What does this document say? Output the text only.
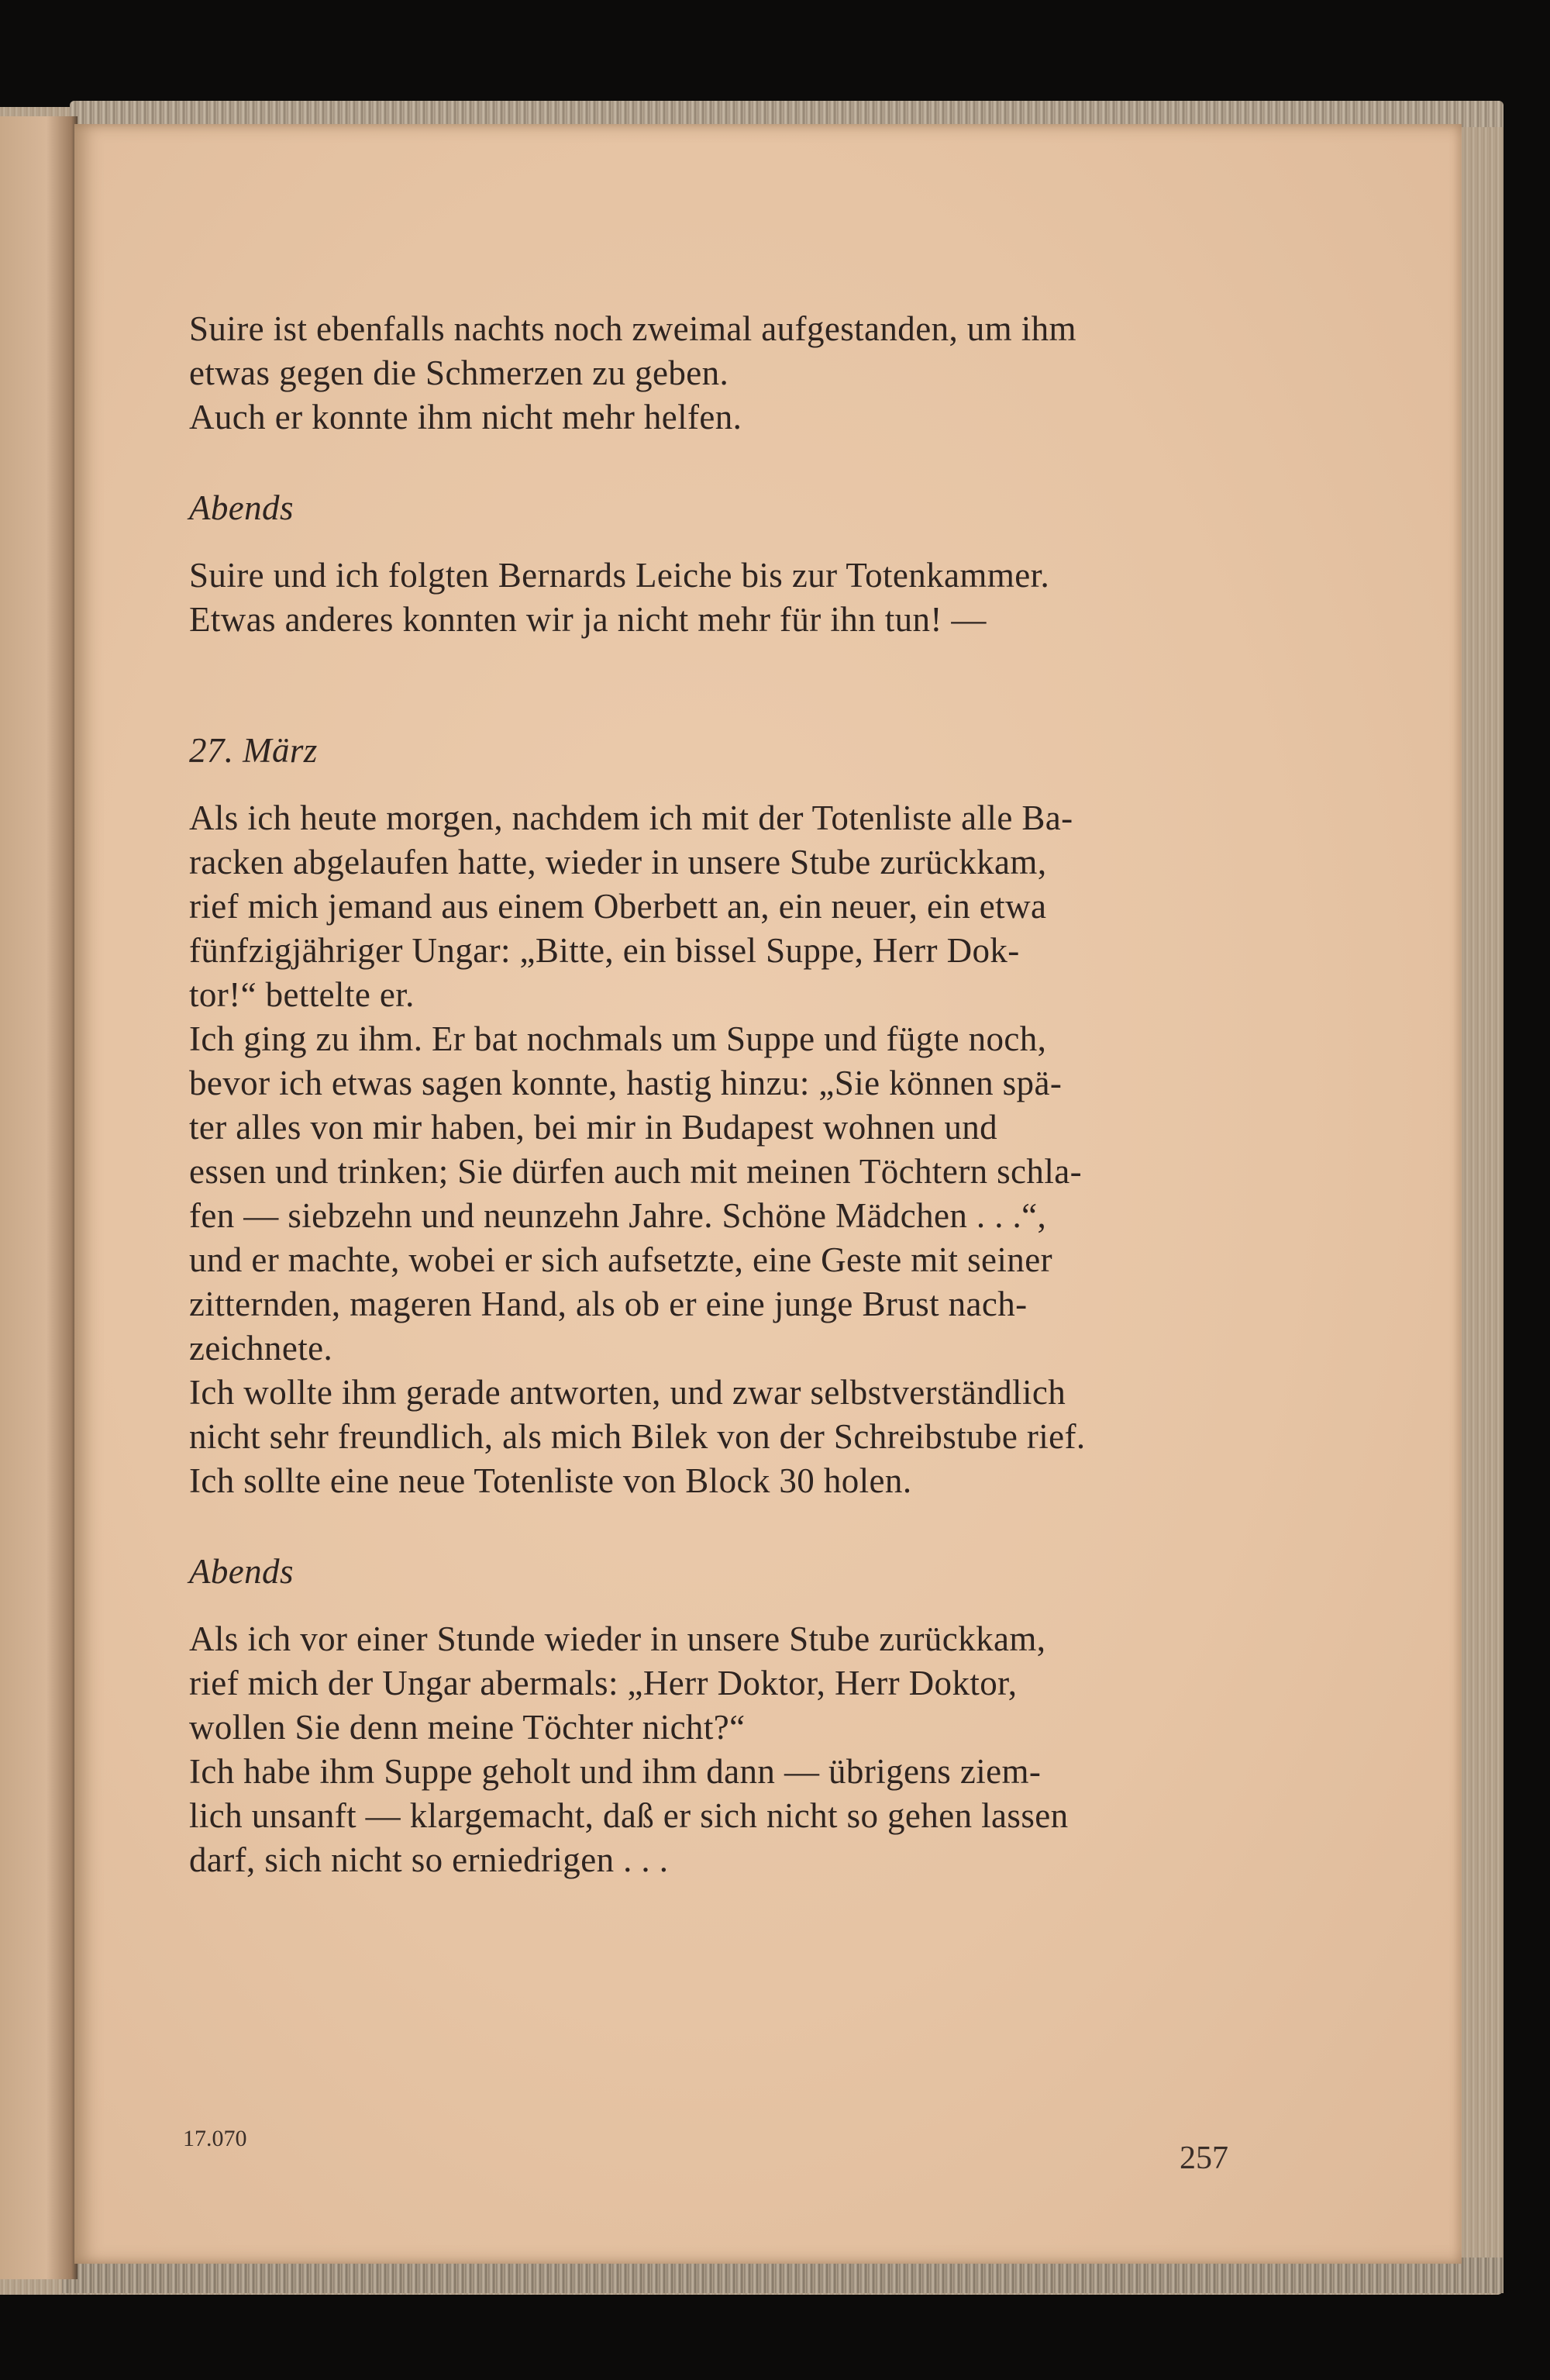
Suire ist ebenfalls nachts noch zweimal aufgestanden, um ihm
etwas gegen die Schmerzen zu geben.
Auch er konnte ihm nicht mehr helfen.

Abends

Suire und ich folgten Bernards Leiche bis zur Totenkammer.
Etwas anderes konnten wir ja nicht mehr für ihn tun! —

27. März

Als ich heute morgen, nachdem ich mit der Totenliste alle Ba-
racken abgelaufen hatte, wieder in unsere Stube zurückkam,
rief mich jemand aus einem Oberbett an, ein neuer, ein etwa
fünfzigjähriger Ungar: „Bitte, ein bissel Suppe, Herr Dok-
tor!“ bettelte er.

Ich ging zu ihm. Er bat nochmals um Suppe und fügte noch,
bevor ich etwas sagen konnte, hastig hinzu: „Sie können spä-
ter alles von mir haben, bei mir in Budapest wohnen und
essen und trinken; Sie dürfen auch mit meinen Töchtern schla-
fen — siebzehn und neunzehn Jahre. Schöne Mädchen . . .“,
und er machte, wobei er sich aufsetzte, eine Geste mit seiner
zitternden, mageren Hand, als ob er eine junge Brust nach-
zeichnete.

Ich wollte ihm gerade antworten, und zwar selbstverständlich
nicht sehr freundlich, als mich Bilek von der Schreibstube rief.
Ich sollte eine neue Totenliste von Block 30 holen.

Abends

Als ich vor einer Stunde wieder in unsere Stube zurückkam,
rief mich der Ungar abermals: „Herr Doktor, Herr Doktor,
wollen Sie denn meine Töchter nicht?“

Ich habe ihm Suppe geholt und ihm dann — übrigens ziem-
lich unsanft — klargemacht, daß er sich nicht so gehen lassen
darf, sich nicht so erniedrigen . . .

17.070
257
